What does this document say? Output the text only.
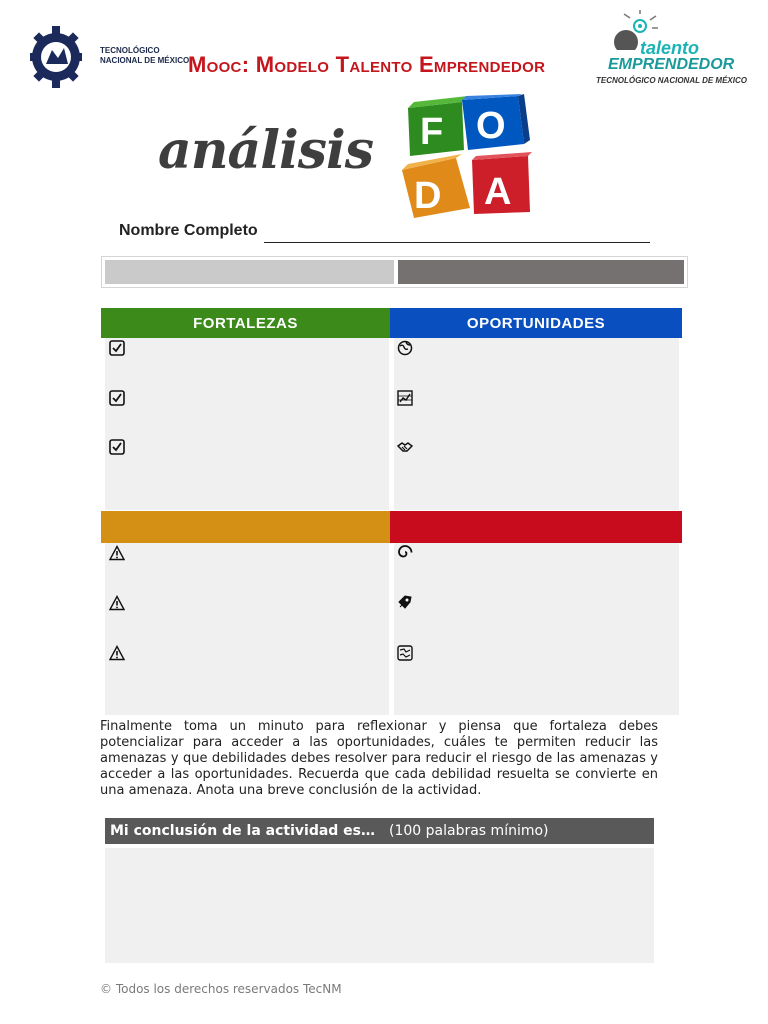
TECNOLÓGICO
NACIONAL DE MÉXICO
Mooc: Modelo Talento Emprendedor
talento
EMPRENDEDOR
TECNOLÓGICO NACIONAL DE MÉXICO
análisis F O
D A
Nombre Completo
FORTALEZAS	OPORTUNIDADES
Finalmente toma un minuto para reflexionar y piensa que fortaleza debes potencializar para acceder a las oportunidades, cuáles te permiten reducir las amenazas y que debilidades debes resolver para reducir el riesgo de las amenazas y acceder a las oportunidades. Recuerda que cada debilidad resuelta se convierte en una amenaza. Anota una breve conclusión de la actividad.
Mi conclusión de la actividad es… (100 palabras mínimo)
© Todos los derechos reservados TecNM
